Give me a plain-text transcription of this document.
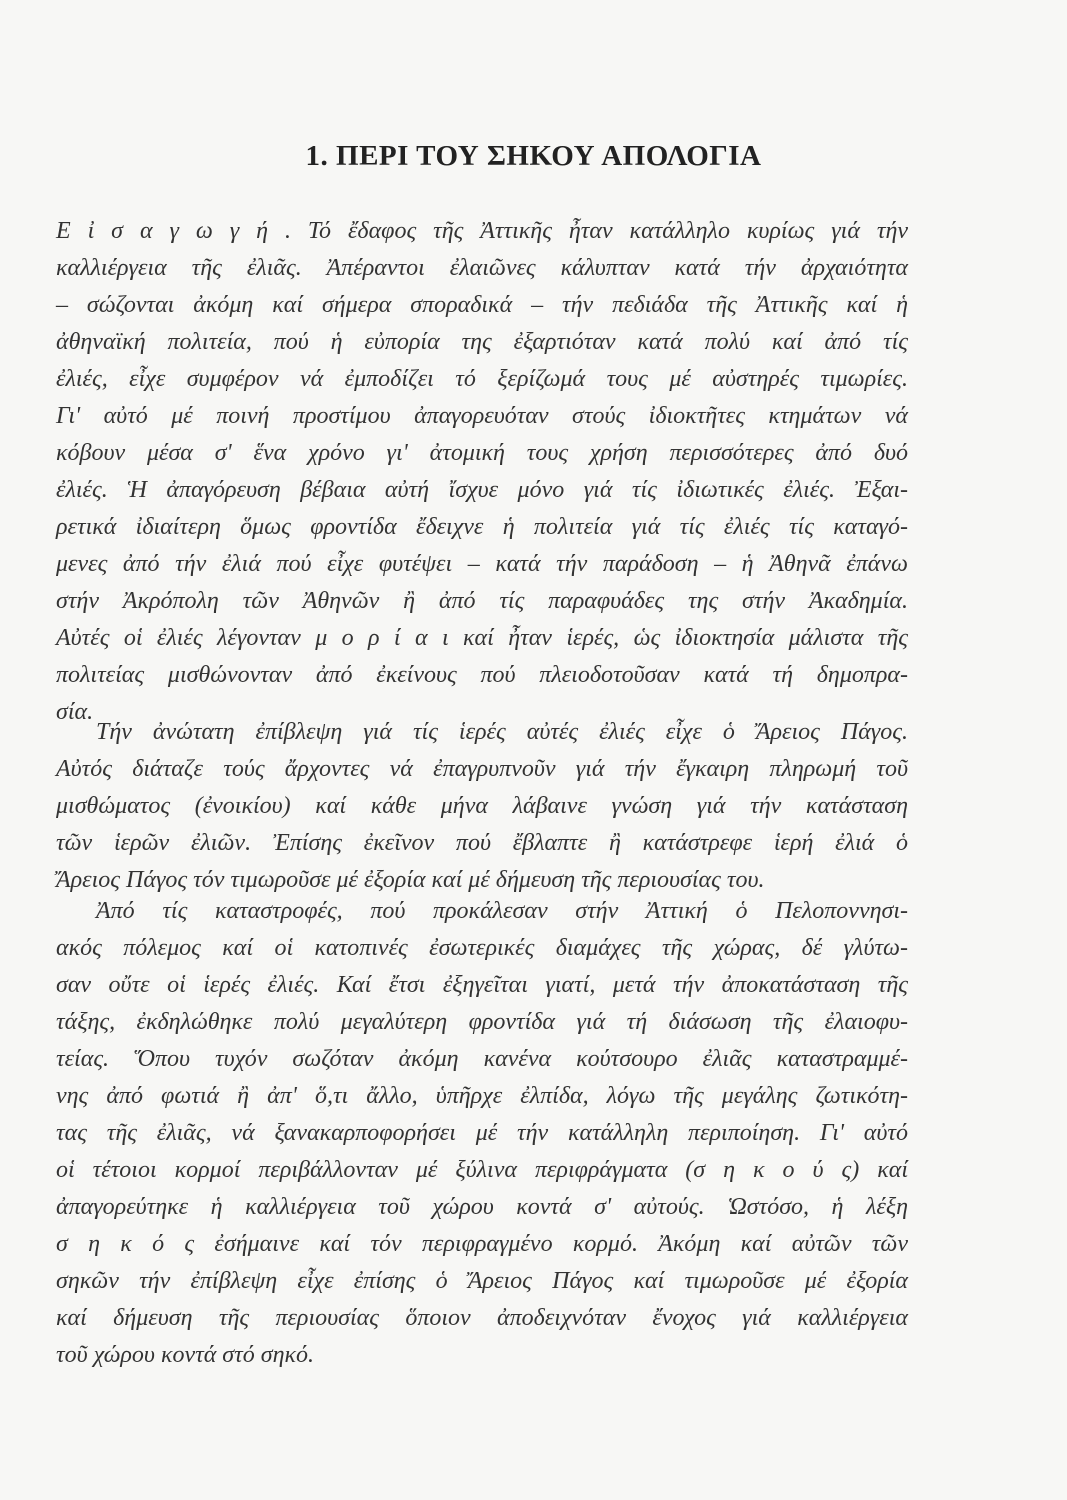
1. ΠΕΡΙ ΤΟΥ ΣΗΚΟΥ ΑΠΟΛΟΓΙΑ
Ε ἰ σ α γ ω γ ή . Τό ἔδαφος τῆς Ἀττικῆς ἦταν κατάλληλο κυρίως γιά τήν
καλλιέργεια τῆς ἐλιᾶς. Ἀπέραντοι ἐλαιῶνες κάλυπταν κατά τήν ἀρχαιότητα
– σώζονται ἀκόμη καί σήμερα σποραδικά – τήν πεδιάδα τῆς Ἀττικῆς καί ἡ
ἀθηναϊκή πολιτεία, πού ἡ εὐπορία της ἐξαρτιόταν κατά πολύ καί ἀπό τίς
ἐλιές, εἶχε συμφέρον νά ἐμποδίζει τό ξερίζωμά τους μέ αὐστηρές τιμωρίες.
Γι' αὐτό μέ ποινή προστίμου ἀπαγορευόταν στούς ἰδιοκτῆτες κτημάτων νά
κόβουν μέσα σ' ἕνα χρόνο γι' ἀτομική τους χρήση περισσότερες ἀπό δυό
ἐλιές. Ἡ ἀπαγόρευση βέβαια αὐτή ἴσχυε μόνο γιά τίς ἰδιωτικές ἐλιές. Ἐξαι-
ρετικά ἰδιαίτερη ὅμως φροντίδα ἔδειχνε ἡ πολιτεία γιά τίς ἐλιές τίς καταγό-
μενες ἀπό τήν ἐλιά πού εἶχε φυτέψει – κατά τήν παράδοση – ἡ Ἀθηνᾶ ἐπάνω
στήν Ἀκρόπολη τῶν Ἀθηνῶν ἢ ἀπό τίς παραφυάδες της στήν Ἀκαδημία.
Αὐτές οἱ ἐλιές λέγονταν μ ο ρ ί α ι καί ἦταν ἱερές, ὡς ἰδιοκτησία μάλιστα τῆς
πολιτείας μισθώνονταν ἀπό ἐκείνους πού πλειοδοτοῦσαν κατά τή δημοπρα-
σία.
Τήν ἀνώτατη ἐπίβλεψη γιά τίς ἱερές αὐτές ἐλιές εἶχε ὁ Ἄρειος Πάγος.
Αὐτός διάταζε τούς ἄρχοντες νά ἐπαγρυπνοῦν γιά τήν ἔγκαιρη πληρωμή τοῦ
μισθώματος (ἐνοικίου) καί κάθε μήνα λάβαινε γνώση γιά τήν κατάσταση
τῶν ἱερῶν ἐλιῶν. Ἐπίσης ἐκεῖνον πού ἔβλαπτε ἢ κατάστρεφε ἱερή ἐλιά ὁ
Ἄρειος Πάγος τόν τιμωροῦσε μέ ἐξορία καί μέ δήμευση τῆς περιουσίας του.
Ἀπό τίς καταστροφές, πού προκάλεσαν στήν Ἀττική ὁ Πελοποννησι-
ακός πόλεμος καί οἱ κατοπινές ἐσωτερικές διαμάχες τῆς χώρας, δέ γλύτω-
σαν οὔτε οἱ ἱερές ἐλιές. Καί ἔτσι ἐξηγεῖται γιατί, μετά τήν ἀποκατάσταση τῆς
τάξης, ἐκδηλώθηκε πολύ μεγαλύτερη φροντίδα γιά τή διάσωση τῆς ἐλαιοφυ-
τείας. Ὅπου τυχόν σωζόταν ἀκόμη κανένα κούτσουρο ἐλιᾶς καταστραμμέ-
νης ἀπό φωτιά ἢ ἀπ' ὅ,τι ἄλλο, ὑπῆρχε ἐλπίδα, λόγω τῆς μεγάλης ζωτικότη-
τας τῆς ἐλιᾶς, νά ξανακαρποφορήσει μέ τήν κατάλληλη περιποίηση. Γι' αὐτό
οἱ τέτοιοι κορμοί περιβάλλονταν μέ ξύλινα περιφράγματα (σ η κ ο ύ ς) καί
ἀπαγορεύτηκε ἡ καλλιέργεια τοῦ χώρου κοντά σ' αὐτούς. Ὡστόσο, ἡ λέξη
σ η κ ό ς ἐσήμαινε καί τόν περιφραγμένο κορμό. Ἀκόμη καί αὐτῶν τῶν
σηκῶν τήν ἐπίβλεψη εἶχε ἐπίσης ὁ Ἄρειος Πάγος καί τιμωροῦσε μέ ἐξορία
καί δήμευση τῆς περιουσίας ὅποιον ἀποδειχνόταν ἔνοχος γιά καλλιέργεια
τοῦ χώρου κοντά στό σηκό.
